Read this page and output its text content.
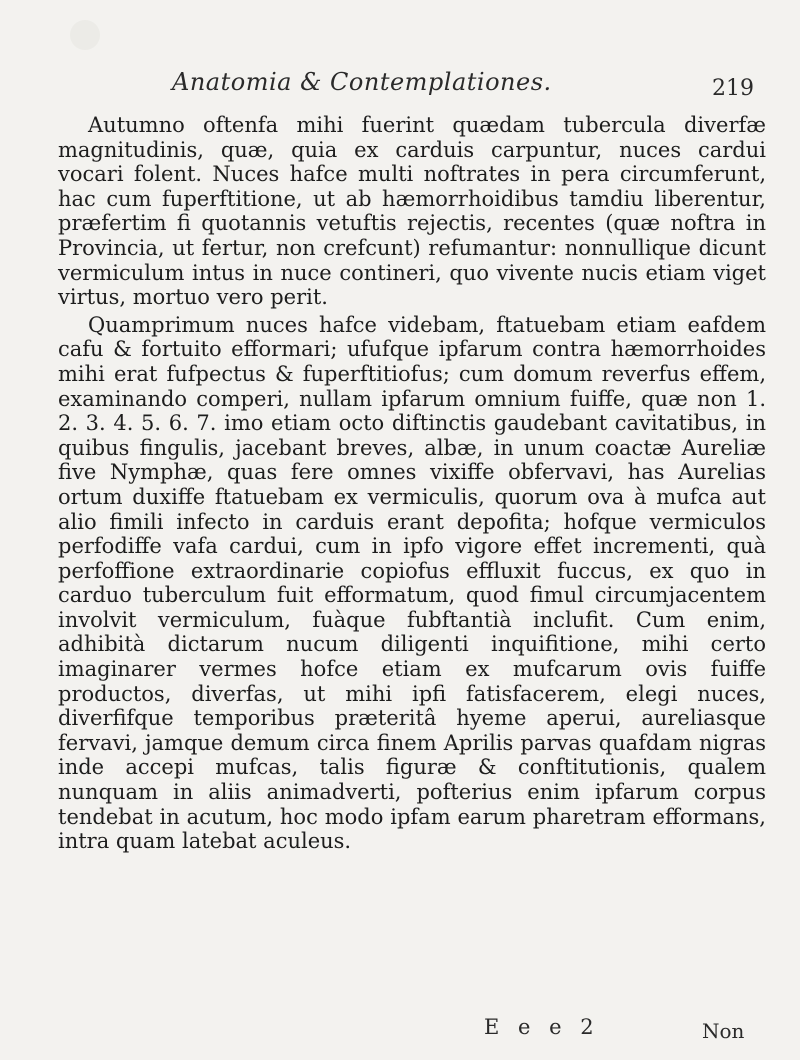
Anatomia & Contemplationes.	219

Autumno oftenfa mihi fuerint quædam tubercula diverfæ magnitudinis, quæ, quia ex carduis carpuntur, nuces cardui vocari folent. Nuces hafce multi noftrates in pera circumferunt, hac cum fuperftitione, ut ab hæmorrhoidibus tamdiu liberentur, præfertim fi quotannis vetuftis rejectis, recentes (quæ noftra in Provincia, ut fertur, non crefcunt) refumantur: nonnullique dicunt vermiculum intus in nuce contineri, quo vivente nucis etiam viget virtus, mortuo vero perit.

Quamprimum nuces hafce videbam, ftatuebam etiam eafdem cafu & fortuito efformari; ufufque ipfarum contra hæmorrhoides mihi erat fufpectus & fuperftitiofus; cum domum reverfus effem, examinando comperi, nullam ipfarum omnium fuiffe, quæ non 1. 2. 3. 4. 5. 6. 7. imo etiam octo diftinctis gaudebant cavitatibus, in quibus fingulis, jacebant breves, albæ, in unum coactæ Aureliæ five Nymphæ, quas fere omnes vixiffe obfervavi, has Aurelias ortum duxiffe ftatuebam ex vermiculis, quorum ova à mufca aut alio fimili infecto in carduis erant depofita; hofque vermiculos perfodiffe vafa cardui, cum in ipfo vigore effet incrementi, quà perfoffione extraordinarie copiofus effluxit fuccus, ex quo in carduo tuberculum fuit efformatum, quod fimul circumjacentem involvit vermiculum, fuàque fubftantià inclufit. Cum enim, adhibità dictarum nucum diligenti inquifitione, mihi certo imaginarer vermes hofce etiam ex mufcarum ovis fuiffe productos, diverfas, ut mihi ipfi fatisfacerem, elegi nuces, diverfifque temporibus præteritâ hyeme aperui, aureliasque fervavi, jamque demum circa finem Aprilis parvas quafdam nigras inde accepi mufcas, talis figuræ & conftitutionis, qualem nunquam in aliis animadverti, pofterius enim ipfarum corpus tendebat in acutum, hoc modo ipfam earum pharetram efformans, intra quam latebat aculeus.

E e e 2	Non
